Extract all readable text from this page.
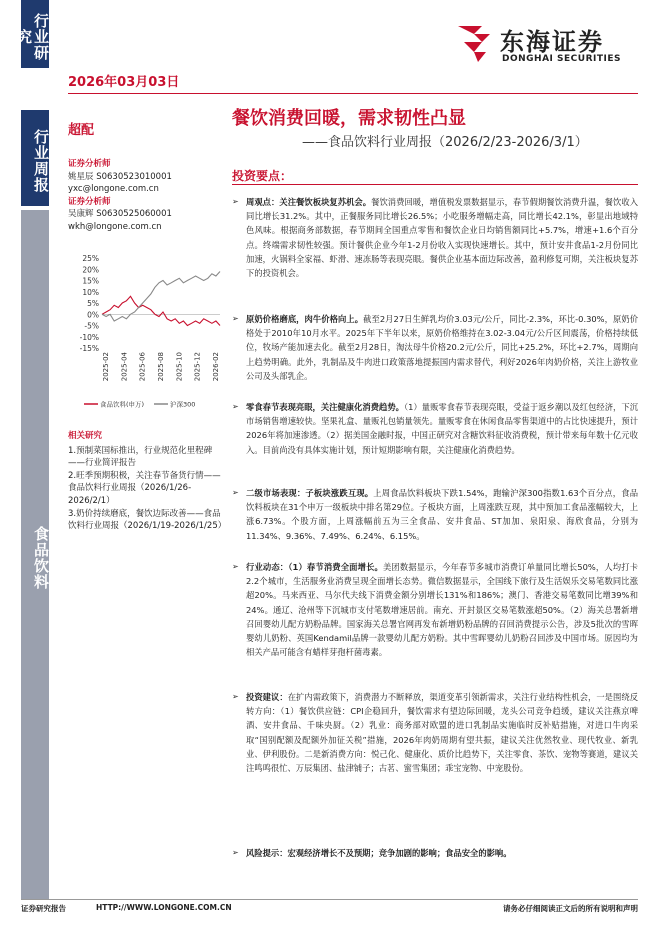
行业研究
行业周报
食品饮料
东海证券
DONGHAI SECURITIES
2026年03月03日
超配
餐饮消费回暖，需求韧性凸显
——食品饮料行业周报（2026/2/23-2026/3/1）
证券分析师
姚星辰 S0630523010001
yxc@longone.com.cn
证券分析师
吴康辉 S0630525060001
wkh@longone.com.cn
25%
20%
15%
10%
5%
0%
-5%
-10%
-15%
2025-02 2025-04 2025-06 2025-08 2025-10 2025-12 2026-02
食品饮料(申万)	沪深300
相关研究
1.预制菜国标推出，行业规范化里程碑——行业简评报告
2.旺季预期积极，关注春节备货行情——食品饮料行业周报（2026/1/26-2026/2/1）
3.奶价持续磨底，餐饮边际改善——食品饮料行业周报（2026/1/19-2026/1/25）
投资要点：
➢ 周观点：关注餐饮板块复苏机会。餐饮消费回暖，增值税发票数据显示，春节假期餐饮消费升温，餐饮收入同比增长31.2%。其中，正餐服务同比增长26.5%；小吃服务增幅走高，同比增长42.1%，彰显出地域特色风味。根据商务部数据，春节期间全国重点零售和餐饮企业日均销售额同比+5.7%，增速+1.6个百分点。终端需求韧性较强。预计餐供企业今年1-2月份收入实现快速增长。其中，预计安井食品1-2月份同比加速，火锅料全家福、虾滑、速冻肠等表现亮眼。餐供企业基本面边际改善，盈利修复可期，关注板块复苏下的投资机会。
➢ 原奶价格磨底，肉牛价格向上。截至2月27日生鲜乳均价3.03元/公斤，同比-2.3%，环比-0.30%，原奶价格处于2010年10月水平。2025年下半年以来，原奶价格维持在3.02-3.04元/公斤区间震荡，价格持续低位，牧场产能加速去化。截至2月28日，淘汰母牛价格20.2元/公斤，同比+25.2%，环比+2.7%，周期向上趋势明确。此外，乳制品及牛肉进口政策落地提振国内需求替代，利好2026年肉奶价格，关注上游牧业公司及头部乳企。
➢ 零食春节表现亮眼，关注健康化消费趋势。（1）量贩零食春节表现亮眼，受益于返乡潮以及红包经济，下沉市场销售增速较快。坚果礼盒、量贩礼包销量领先。量贩零食在休闲食品零售渠道中的占比快速提升，预计2026年将加速渗透。（2）据美国金融时报，中国正研究对含糖饮料征收消费税，预计带来每年数十亿元收入。目前尚没有具体实施计划，预计短期影响有限，关注健康化消费趋势。
➢ 二级市场表现：子板块涨跌互现。上周食品饮料板块下跌1.54%，跑输沪深300指数1.63个百分点，食品饮料板块在31个申万一级板块中排名第29位。子板块方面，上周涨跌互现，其中预加工食品涨幅较大，上涨6.73%。个股方面，上周涨幅前五为三全食品、安井食品、ST加加、泉阳泉、海欣食品，分别为11.34%、9.36%、7.49%、6.24%、6.15%。
➢ 行业动态：（1）春节消费全面增长。美团数据显示，今年春节多城市消费订单量同比增长50%，人均打卡2.2个城市，生活服务业消费呈现全面增长态势。微信数据显示，全国线下旅行及生活娱乐交易笔数同比涨超20%。马来西亚、马尔代夫线下消费金额分别增长131%和186%；澳门、香港交易笔数同比增39%和24%。通辽、沧州等下沉城市支付笔数增速居前。南充、开封景区交易笔数涨超50%。（2）海关总署新增召回婴幼儿配方奶粉品牌。国家海关总署官网再发布新增奶粉品牌的召回消费提示公告，涉及5批次的雪晖婴幼儿奶粉、英国Kendamil品牌一款婴幼儿配方奶粉。其中雪晖婴幼儿奶粉召回涉及中国市场。原因均为相关产品可能含有蜡样芽孢杆菌毒素。
➢ 投资建议：在扩内需政策下，消费潜力不断释放，渠道变革引领新需求，关注行业结构性机会，一是围绕反转方向：（1）餐饮供应链：CPI企稳回升，餐饮需求有望边际回暖，龙头公司竞争趋缓，建议关注燕京啤酒、安井食品、千味央厨。（2）乳业：商务部对欧盟的进口乳制品实施临时反补贴措施，对进口牛肉采取“国别配额及配额外加征关税”措施，2026年肉奶周期有望共振，建议关注优然牧业、现代牧业、新乳业、伊利股份。二是新消费方向：悦己化、健康化、质价比趋势下，关注零食、茶饮、宠物等赛道，建议关注鸣鸣很忙、万辰集团、盐津铺子；古茗、蜜雪集团；乖宝宠物、中宠股份。
➢ 风险提示：宏观经济增长不及预期；竞争加剧的影响；食品安全的影响。
证券研究报告	HTTP://WWW.LONGONE.COM.CN	请务必仔细阅读正文后的所有说明和声明
